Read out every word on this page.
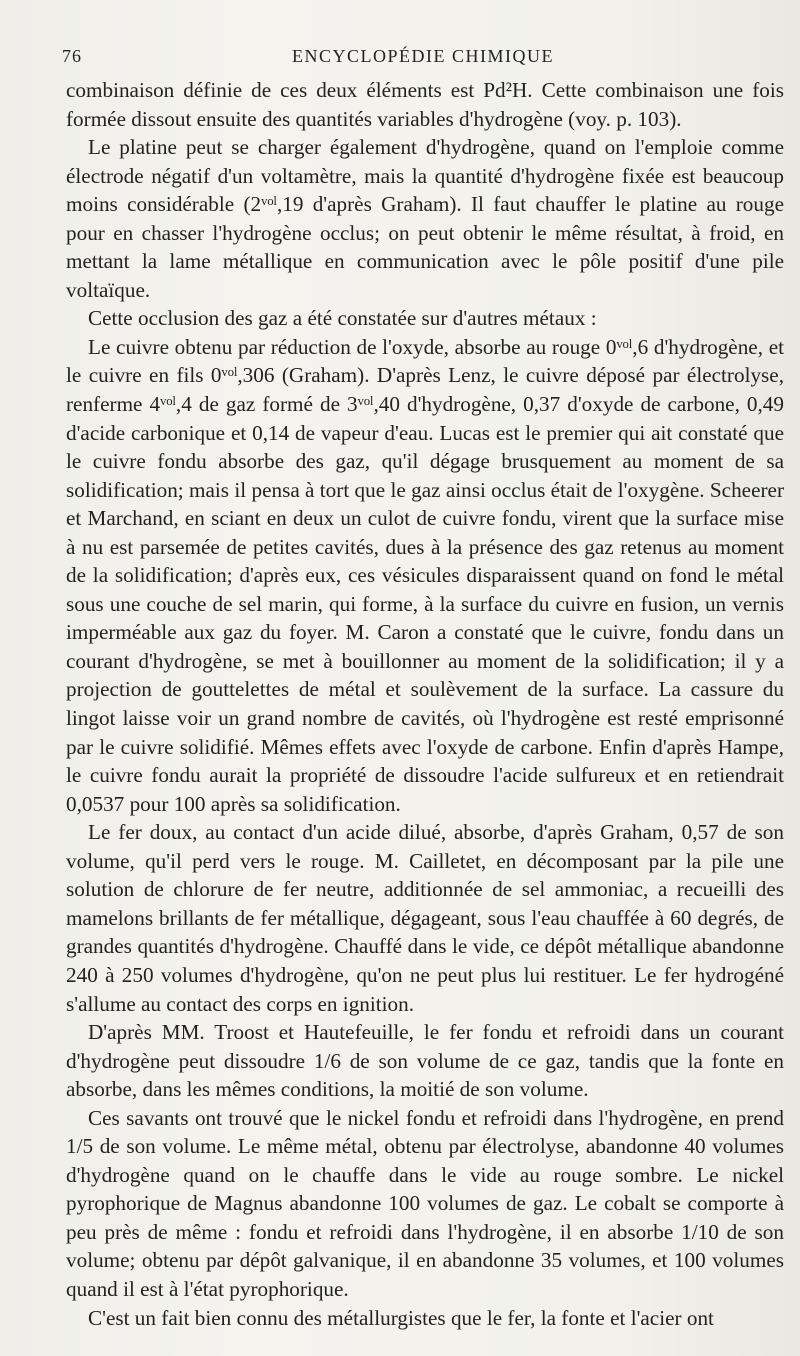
76	ENCYCLOPÉDIE CHIMIQUE

combinaison définie de ces deux éléments est Pd²H. Cette combinaison une fois formée dissout ensuite des quantités variables d'hydrogène (voy. p. 103).

Le platine peut se charger également d'hydrogène, quand on l'emploie comme électrode négatif d'un voltamètre, mais la quantité d'hydrogène fixée est beaucoup moins considérable (2ᵛᵒˡ,19 d'après Graham). Il faut chauffer le platine au rouge pour en chasser l'hydrogène occlus; on peut obtenir le même résultat, à froid, en mettant la lame métallique en communication avec le pôle positif d'une pile voltaïque.

Cette occlusion des gaz a été constatée sur d'autres métaux :

Le cuivre obtenu par réduction de l'oxyde, absorbe au rouge 0ᵛᵒˡ,6 d'hydrogène, et le cuivre en fils 0ᵛᵒˡ,306 (Graham). D'après Lenz, le cuivre déposé par électrolyse, renferme 4ᵛᵒˡ,4 de gaz formé de 3ᵛᵒˡ,40 d'hydrogène, 0,37 d'oxyde de carbone, 0,49 d'acide carbonique et 0,14 de vapeur d'eau. Lucas est le premier qui ait constaté que le cuivre fondu absorbe des gaz, qu'il dégage brusquement au moment de sa solidification; mais il pensa à tort que le gaz ainsi occlus était de l'oxygène. Scheerer et Marchand, en sciant en deux un culot de cuivre fondu, virent que la surface mise à nu est parsemée de petites cavités, dues à la présence des gaz retenus au moment de la solidification; d'après eux, ces vésicules disparaissent quand on fond le métal sous une couche de sel marin, qui forme, à la surface du cuivre en fusion, un vernis imperméable aux gaz du foyer. M. Caron a constaté que le cuivre, fondu dans un courant d'hydrogène, se met à bouillonner au moment de la solidification; il y a projection de gouttelettes de métal et soulèvement de la surface. La cassure du lingot laisse voir un grand nombre de cavités, où l'hydrogène est resté emprisonné par le cuivre solidifié. Mêmes effets avec l'oxyde de carbone. Enfin d'après Hampe, le cuivre fondu aurait la propriété de dissoudre l'acide sulfureux et en retiendrait 0,0537 pour 100 après sa solidification.

Le fer doux, au contact d'un acide dilué, absorbe, d'après Graham, 0,57 de son volume, qu'il perd vers le rouge. M. Cailletet, en décomposant par la pile une solution de chlorure de fer neutre, additionnée de sel ammoniac, a recueilli des mamelons brillants de fer métallique, dégageant, sous l'eau chauffée à 60 degrés, de grandes quantités d'hydrogène. Chauffé dans le vide, ce dépôt métallique abandonne 240 à 250 volumes d'hydrogène, qu'on ne peut plus lui restituer. Le fer hydrogéné s'allume au contact des corps en ignition.

D'après MM. Troost et Hautefeuille, le fer fondu et refroidi dans un courant d'hydrogène peut dissoudre 1/6 de son volume de ce gaz, tandis que la fonte en absorbe, dans les mêmes conditions, la moitié de son volume.

Ces savants ont trouvé que le nickel fondu et refroidi dans l'hydrogène, en prend 1/5 de son volume. Le même métal, obtenu par électrolyse, abandonne 40 volumes d'hydrogène quand on le chauffe dans le vide au rouge sombre. Le nickel pyrophorique de Magnus abandonne 100 volumes de gaz. Le cobalt se comporte à peu près de même : fondu et refroidi dans l'hydrogène, il en absorbe 1/10 de son volume; obtenu par dépôt galvanique, il en abandonne 35 volumes, et 100 volumes quand il est à l'état pyrophorique.

C'est un fait bien connu des métallurgistes que le fer, la fonte et l'acier ont
